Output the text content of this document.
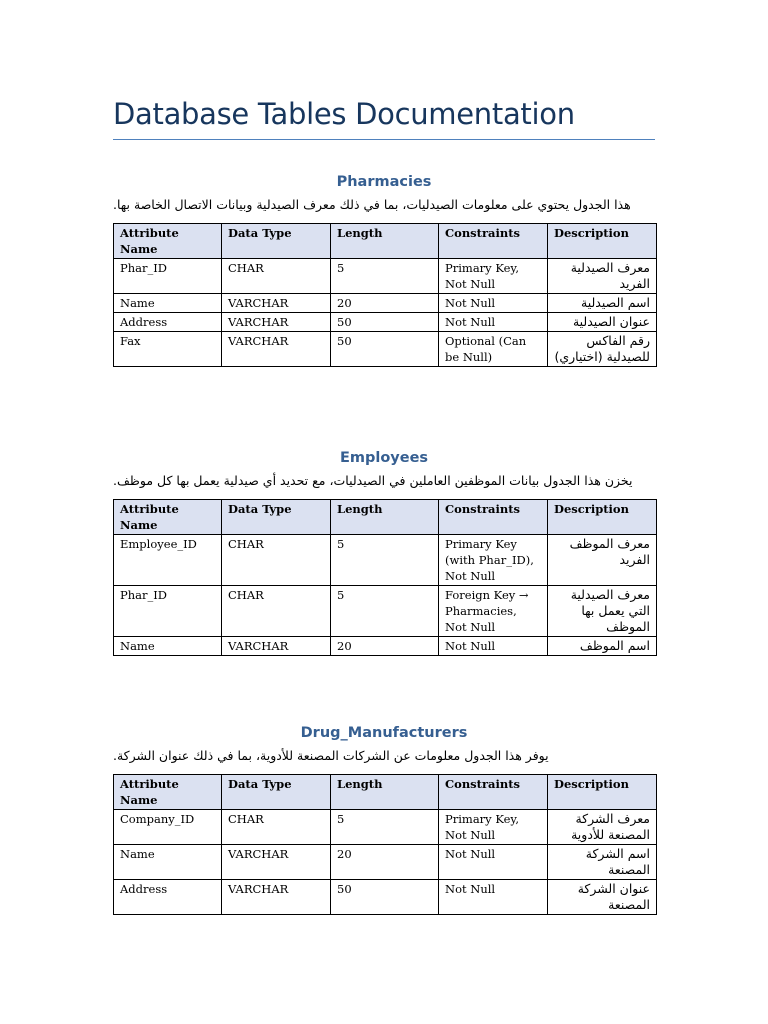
Database Tables Documentation
Pharmacies

هذا الجدول يحتوي على معلومات الصيدليات، بما في ذلك معرف الصيدلية وبيانات الاتصال الخاصة بها.

Attribute Name	Data Type	Length	Constraints	Description
Phar_ID	CHAR	5	Primary Key, Not Null	معرف الصيدلية الفريد
Name	VARCHAR	20	Not Null	اسم الصيدلية
Address	VARCHAR	50	Not Null	عنوان الصيدلية
Fax	VARCHAR	50	Optional (Can be Null)	رقم الفاكس للصيدلية (اختياري)
Employees

يخزن هذا الجدول بيانات الموظفين العاملين في الصيدليات، مع تحديد أي صيدلية يعمل بها كل موظف.

Attribute Name	Data Type	Length	Constraints	Description
Employee_ID	CHAR	5	Primary Key (with Phar_ID), Not Null	معرف الموظف الفريد
Phar_ID	CHAR	5	Foreign Key → Pharmacies, Not Null	معرف الصيدلية التي يعمل بها الموظف
Name	VARCHAR	20	Not Null	اسم الموظف
Drug_Manufacturers

يوفر هذا الجدول معلومات عن الشركات المصنعة للأدوية، بما في ذلك عنوان الشركة.

Attribute Name	Data Type	Length	Constraints	Description
Company_ID	CHAR	5	Primary Key, Not Null	معرف الشركة المصنعة للأدوية
Name	VARCHAR	20	Not Null	اسم الشركة المصنعة
Address	VARCHAR	50	Not Null	عنوان الشركة المصنعة
